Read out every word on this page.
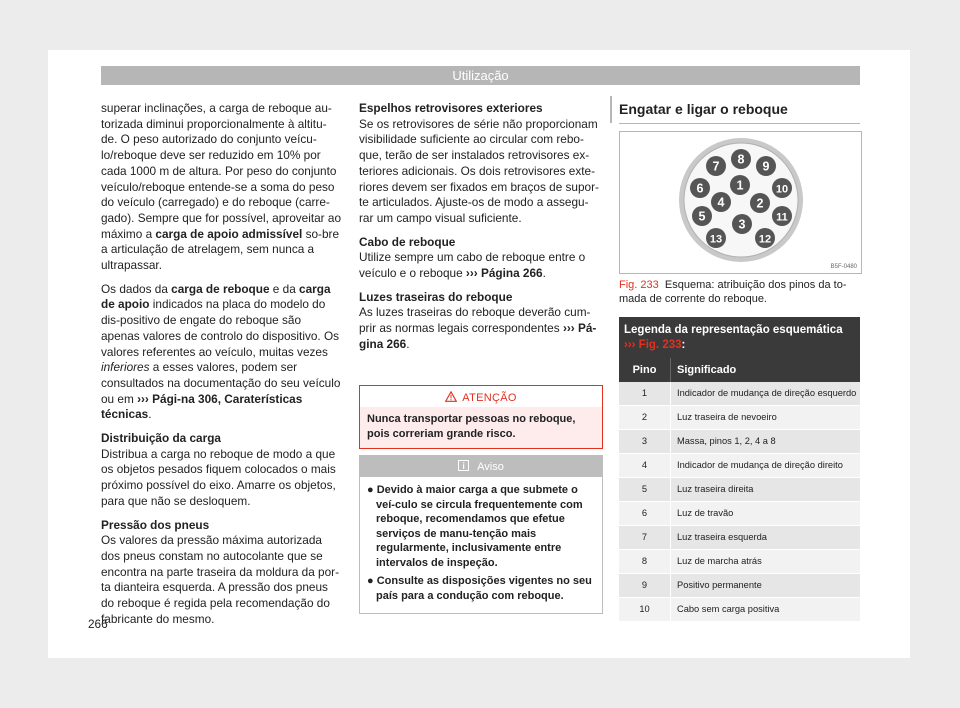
Utilização

superar inclinações, a carga de reboque au-torizada diminui proporcionalmente à altitu-de. O peso autorizado do conjunto veícu-lo/reboque deve ser reduzido em 10% por cada 1000 m de altura. Por peso do conjunto veículo/reboque entende-se a soma do peso do veículo (carregado) e do reboque (carre-gado). Sempre que for possível, aproveitar ao máximo a carga de apoio admissível so-bre a articulação de atrelagem, sem nunca a ultrapassar.

Os dados da carga de reboque e da carga de apoio indicados na placa do modelo do dis-positivo de engate do reboque são apenas valores de controlo do dispositivo. Os valores referentes ao veículo, muitas vezes inferiores a esses valores, podem ser consultados na documentação do seu veículo ou em ››› Pági-na 306, Caraterísticas técnicas.

Distribuição da carga

Distribua a carga no reboque de modo a que os objetos pesados fiquem colocados o mais próximo possível do eixo. Amarre os objetos, para que não se desloquem.

Pressão dos pneus

Os valores da pressão máxima autorizada dos pneus constam no autocolante que se encontra na parte traseira da moldura da por-ta dianteira esquerda. A pressão dos pneus do reboque é regida pela recomendação do fabricante do mesmo.

Espelhos retrovisores exteriores

Se os retrovisores de série não proporcionam visibilidade suficiente ao circular com rebo-que, terão de ser instalados retrovisores ex-teriores adicionais. Os dois retrovisores exte-riores devem ser fixados em braços de supor-te articulados. Ajuste-os de modo a assegu-rar um campo visual suficiente.

Cabo de reboque

Utilize sempre um cabo de reboque entre o veículo e o reboque ››› Página 266.

Luzes traseiras do reboque

As luzes traseiras do reboque deverão cum-prir as normas legais correspondentes ››› Pá-gina 266.

ATENÇÃO
Nunca transportar pessoas no reboque, pois correriam grande risco.
Aviso
● Devido à maior carga a que submete o veí-culo se circula frequentemente com reboque, recomendamos que efetue serviços de manu-tenção mais regularmente, inclusivamente entre intervalos de inspeção.
● Consulte as disposições vigentes no seu país para a condução com reboque.
Engatar e ligar o reboque
7 8 9
6	1	10
4	2
5	11
3
13	12
B5F-0480
Fig. 233 Esquema: atribuição dos pinos da to-mada de corrente do reboque.
Legenda da representação esquemática
››› Fig. 233:
Pino	Significado
1	Indicador de mudança de direção esquerdo
2	Luz traseira de nevoeiro
3	Massa, pinos 1, 2, 4 a 8
4	Indicador de mudança de direção direito
5	Luz traseira direita
6	Luz de travão
7	Luz traseira esquerda
8	Luz de marcha atrás
9	Positivo permanente
10	Cabo sem carga positiva
266
